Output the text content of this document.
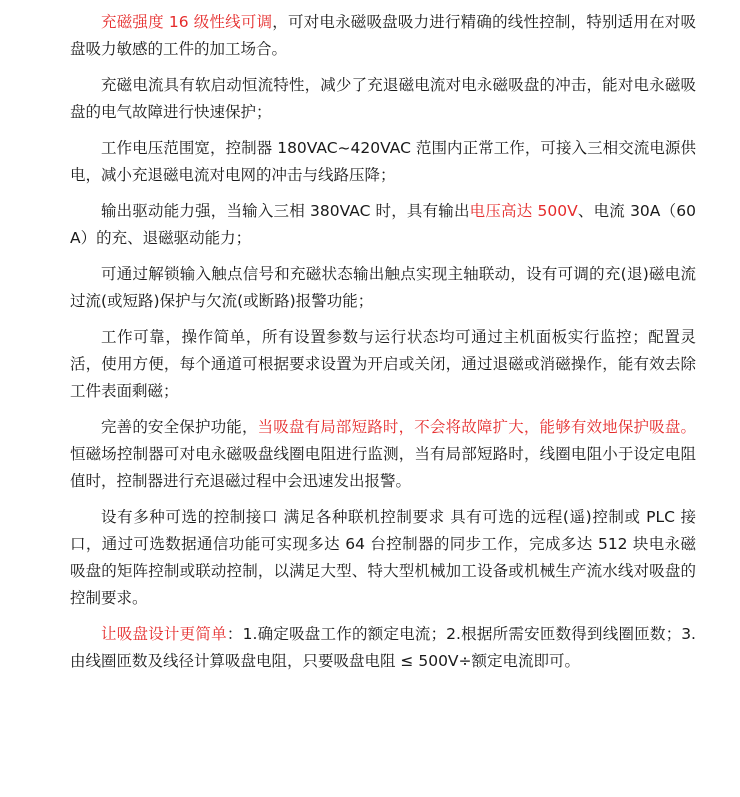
充磁强度 16 级性线可调，可对电永磁吸盘吸力进行精确的线性控制，特别适用在对吸盘吸力敏感的工件的加工场合。

充磁电流具有软启动恒流特性，减少了充退磁电流对电永磁吸盘的冲击，能对电永磁吸盘的电气故障进行快速保护；

工作电压范围宽，控制器 180VAC~420VAC 范围内正常工作，可接入三相交流电源供电，减小充退磁电流对电网的冲击与线路压降；

输出驱动能力强，当输入三相 380VAC 时，具有输出电压高达 500V、电流 30A（60A）的充、退磁驱动能力；

可通过解锁输入触点信号和充磁状态输出触点实现主轴联动，设有可调的充(退)磁电流过流(或短路)保护与欠流(或断路)报警功能；

工作可靠，操作简单，所有设置参数与运行状态均可通过主机面板实行监控；配置灵活，使用方便，每个通道可根据要求设置为开启或关闭，通过退磁或消磁操作，能有效去除工件表面剩磁；

完善的安全保护功能，当吸盘有局部短路时，不会将故障扩大，能够有效地保护吸盘。恒磁场控制器可对电永磁吸盘线圈电阻进行监测，当有局部短路时，线圈电阻小于设定电阻值时，控制器进行充退磁过程中会迅速发出报警。

设有多种可选的控制接口 满足各种联机控制要求 具有可选的远程(遥)控制或 PLC 接口，通过可选数据通信功能可实现多达 64 台控制器的同步工作，完成多达 512 块电永磁吸盘的矩阵控制或联动控制，以满足大型、特大型机械加工设备或机械生产流水线对吸盘的控制要求。

让吸盘设计更简单：1.确定吸盘工作的额定电流；2.根据所需安匝数得到线圈匝数；3.由线圈匝数及线径计算吸盘电阻，只要吸盘电阻 ≤ 500V÷额定电流即可。
